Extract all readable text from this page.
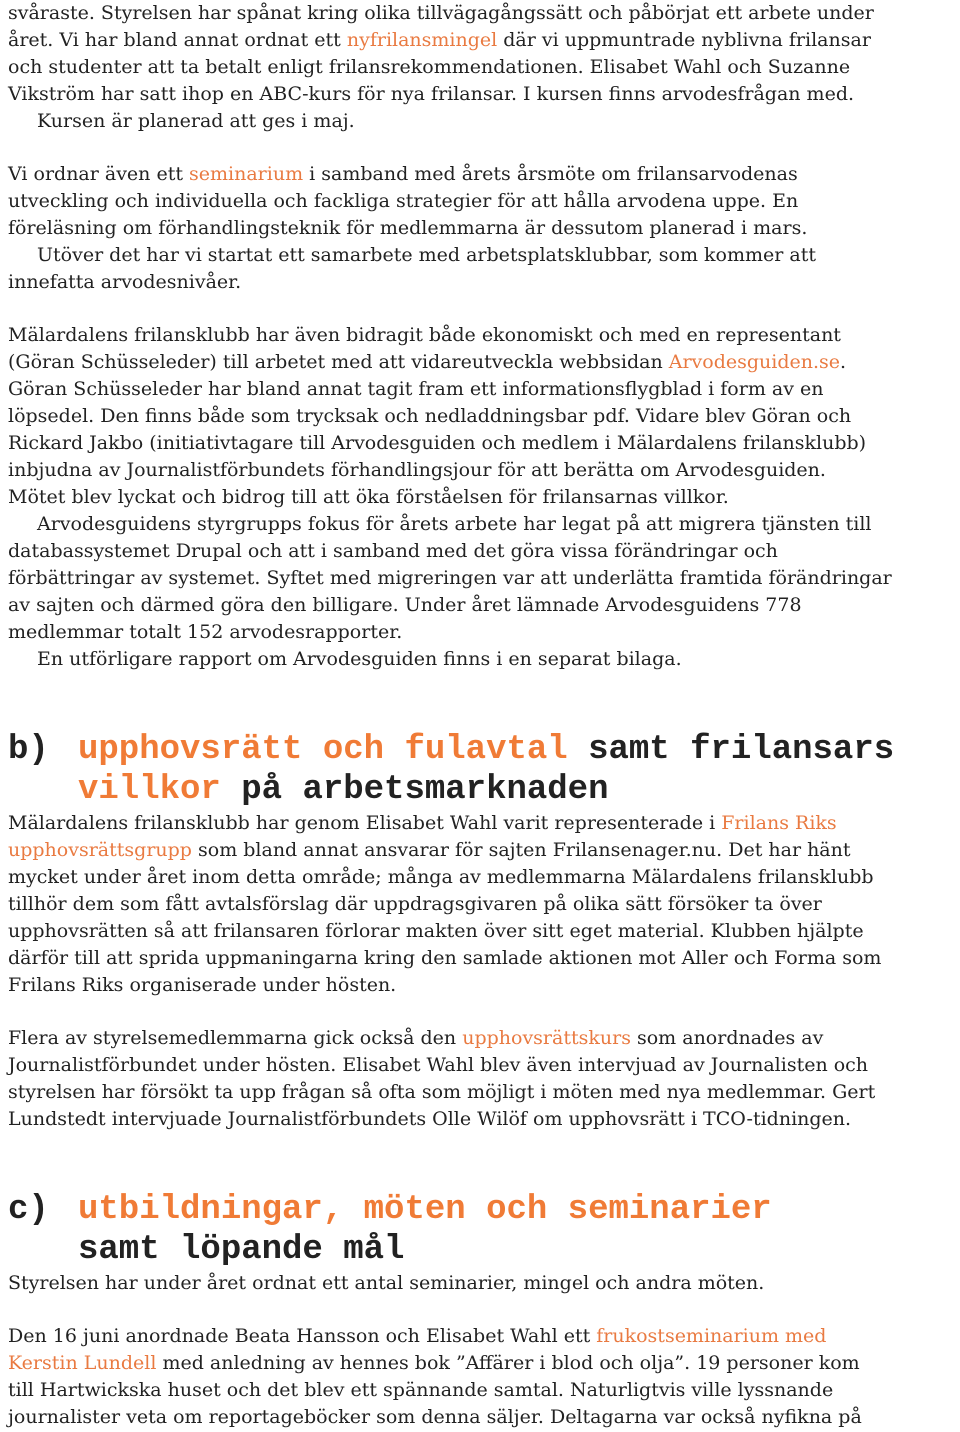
svåraste. Styrelsen har spånat kring olika tillvägagångssätt och påbörjat ett arbete under
året. Vi har bland annat ordnat ett nyfrilansmingel där vi uppmuntrade nyblivna frilansar
och studenter att ta betalt enligt frilansrekommendationen. Elisabet Wahl och Suzanne
Vikström har satt ihop en ABC-kurs för nya frilansar. I kursen finns arvodesfrågan med.
Kursen är planerad att ges i maj.
Vi ordnar även ett seminarium i samband med årets årsmöte om frilansarvodenas
utveckling och individuella och fackliga strategier för att hålla arvodena uppe. En
föreläsning om förhandlingsteknik för medlemmarna är dessutom planerad i mars.
Utöver det har vi startat ett samarbete med arbetsplatsklubbar, som kommer att
innefatta arvodesnivåer.
Mälardalens frilansklubb har även bidragit både ekonomiskt och med en representant
(Göran Schüsseleder) till arbetet med att vidareutveckla webbsidan Arvodesguiden.se.
Göran Schüsseleder har bland annat tagit fram ett informationsflygblad i form av en
löpsedel. Den finns både som trycksak och nedladdningsbar pdf. Vidare blev Göran och
Rickard Jakbo (initiativtagare till Arvodesguiden och medlem i Mälardalens frilansklubb)
inbjudna av Journalistförbundets förhandlingsjour för att berätta om Arvodesguiden.
Mötet blev lyckat och bidrog till att öka förståelsen för frilansarnas villkor.
Arvodesguidens styrgrupps fokus för årets arbete har legat på att migrera tjänsten till
databassystemet Drupal och att i samband med det göra vissa förändringar och
förbättringar av systemet. Syftet med migreringen var att underlätta framtida förändringar
av sajten och därmed göra den billigare. Under året lämnade Arvodesguidens 778
medlemmar totalt 152 arvodesrapporter.
En utförligare rapport om Arvodesguiden finns i en separat bilaga.
b) upphovsrätt och fulavtal samt frilansars
villkor på arbetsmarknaden
Mälardalens frilansklubb har genom Elisabet Wahl varit representerade i Frilans Riks
upphovsrättsgrupp som bland annat ansvarar för sajten Frilansenager.nu. Det har hänt
mycket under året inom detta område; många av medlemmarna Mälardalens frilansklubb
tillhör dem som fått avtalsförslag där uppdragsgivaren på olika sätt försöker ta över
upphovsrätten så att frilansaren förlorar makten över sitt eget material. Klubben hjälpte
därför till att sprida uppmaningarna kring den samlade aktionen mot Aller och Forma som
Frilans Riks organiserade under hösten.
Flera av styrelsemedlemmarna gick också den upphovsrättskurs som anordnades av
Journalistförbundet under hösten. Elisabet Wahl blev även intervjuad av Journalisten och
styrelsen har försökt ta upp frågan så ofta som möjligt i möten med nya medlemmar. Gert
Lundstedt intervjuade Journalistförbundets Olle Wilöf om upphovsrätt i TCO-tidningen.
c) utbildningar, möten och seminarier
samt löpande mål
Styrelsen har under året ordnat ett antal seminarier, mingel och andra möten.
Den 16 juni anordnade Beata Hansson och Elisabet Wahl ett frukostseminarium med
Kerstin Lundell med anledning av hennes bok ”Affärer i blod och olja”. 19 personer kom
till Hartwickska huset och det blev ett spännande samtal. Naturligtvis ville lyssnande
journalister veta om reportageböcker som denna säljer. Deltagarna var också nyfikna på
